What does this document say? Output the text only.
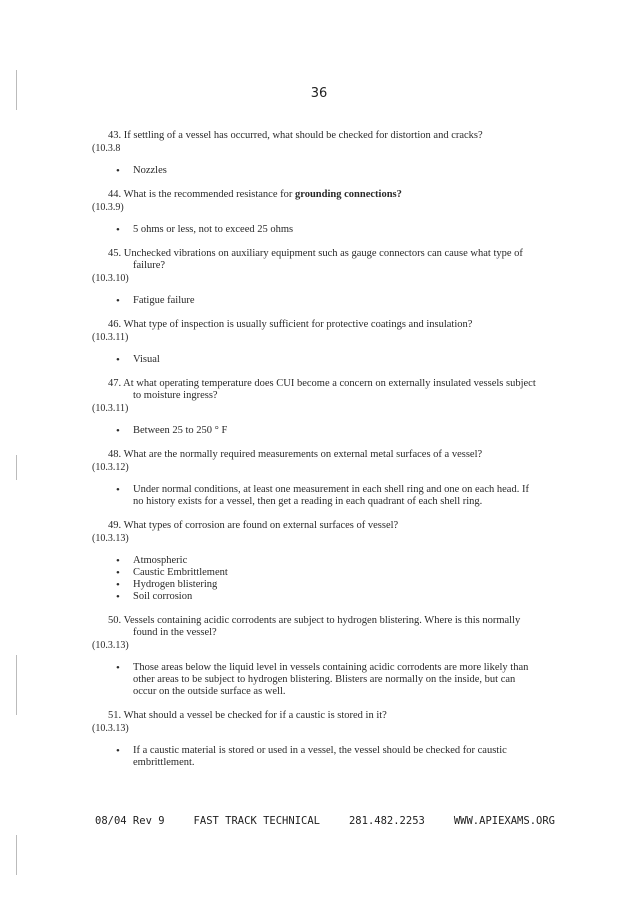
36
43. If settling of a vessel has occurred, what should be checked for distortion and cracks?
(10.3.8
• Nozzles
44. What is the recommended resistance for grounding connections?
(10.3.9)
• 5 ohms or less, not to exceed 25 ohms
45. Unchecked vibrations on auxiliary equipment such as gauge connectors can cause what type of failure?
(10.3.10)
• Fatigue failure
46. What type of inspection is usually sufficient for protective coatings and insulation?
(10.3.11)
• Visual
47. At what operating temperature does CUI become a concern on externally insulated vessels subject to moisture ingress?
(10.3.11)
• Between 25 to 250 ° F
48. What are the normally required measurements on external metal surfaces of a vessel?
(10.3.12)
• Under normal conditions, at least one measurement in each shell ring and one on each head. If no history exists for a vessel, then get a reading in each quadrant of each shell ring.
49. What types of corrosion are found on external surfaces of vessel?
(10.3.13)
• Atmospheric
• Caustic Embrittlement
• Hydrogen blistering
• Soil corrosion
50. Vessels containing acidic corrodents are subject to hydrogen blistering. Where is this normally found in the vessel?
(10.3.13)
• Those areas below the liquid level in vessels containing acidic corrodents are more likely than other areas to be subject to hydrogen blistering. Blisters are normally on the inside, but can occur on the outside surface as well.
51. What should a vessel be checked for if a caustic is stored in it?
(10.3.13)
• If a caustic material is stored or used in a vessel, the vessel should be checked for caustic embrittlement.
08/04 Rev 9	FAST TRACK TECHNICAL	281.482.2253	WWW.APIEXAMS.ORG
